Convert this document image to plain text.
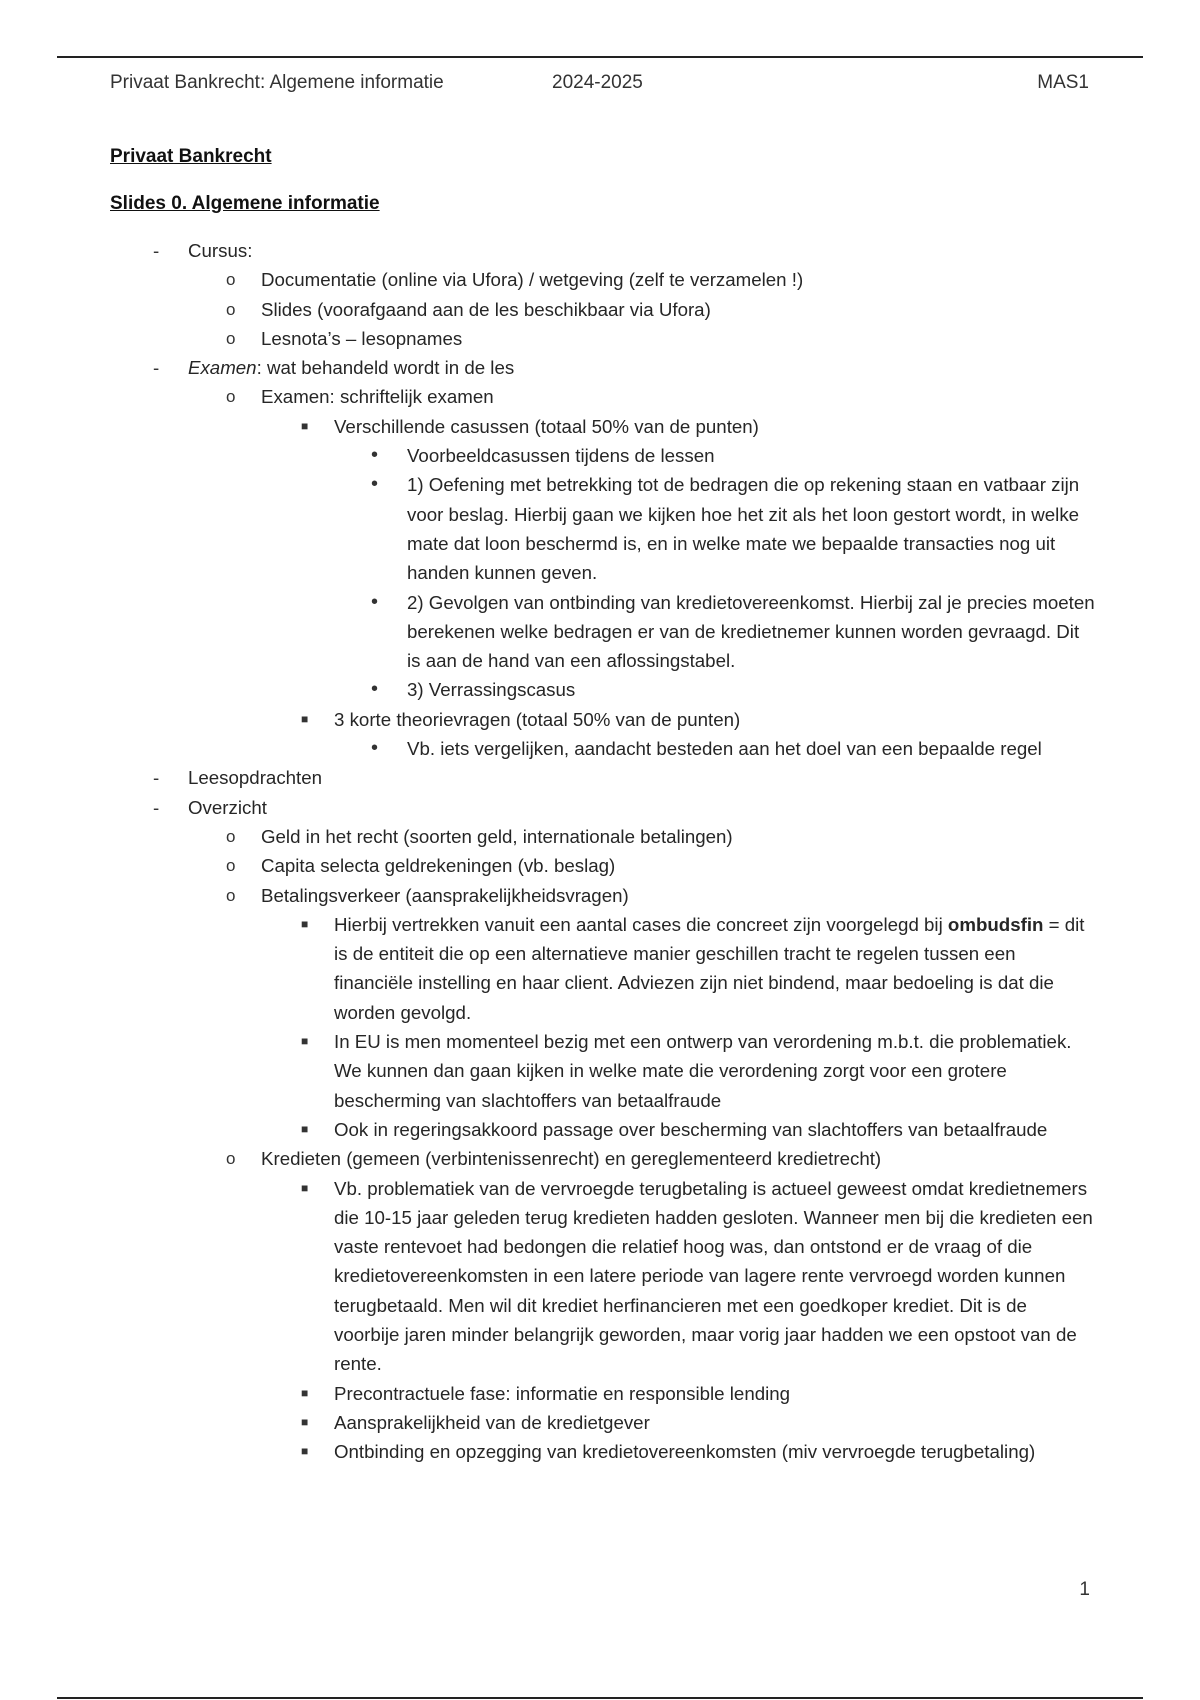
Privaat Bankrecht: Algemene informatie	2024-2025	MAS1
Privaat Bankrecht
Slides 0. Algemene informatie
- Cursus:
o Documentatie (online via Ufora) / wetgeving (zelf te verzamelen !)
o Slides (voorafgaand aan de les beschikbaar via Ufora)
o Lesnota’s – lesopnames
- Examen: wat behandeld wordt in de les
o Examen: schriftelijk examen
■ Verschillende casussen (totaal 50% van de punten)
• Voorbeeldcasussen tijdens de lessen
• 1) Oefening met betrekking tot de bedragen die op rekening staan en vatbaar zijn voor beslag. Hierbij gaan we kijken hoe het zit als het loon gestort wordt, in welke mate dat loon beschermd is, en in welke mate we bepaalde transacties nog uit handen kunnen geven.
• 2) Gevolgen van ontbinding van kredietovereenkomst. Hierbij zal je precies moeten berekenen welke bedragen er van de kredietnemer kunnen worden gevraagd. Dit is aan de hand van een aflossingstabel.
• 3) Verrassingscasus
■ 3 korte theorievragen (totaal 50% van de punten)
• Vb. iets vergelijken, aandacht besteden aan het doel van een bepaalde regel
- Leesopdrachten
- Overzicht
o Geld in het recht (soorten geld, internationale betalingen)
o Capita selecta geldrekeningen (vb. beslag)
o Betalingsverkeer (aansprakelijkheidsvragen)
■ Hierbij vertrekken vanuit een aantal cases die concreet zijn voorgelegd bij ombudsfin = dit is de entiteit die op een alternatieve manier geschillen tracht te regelen tussen een financiële instelling en haar client. Adviezen zijn niet bindend, maar bedoeling is dat die worden gevolgd.
■ In EU is men momenteel bezig met een ontwerp van verordening m.b.t. die problematiek. We kunnen dan gaan kijken in welke mate die verordening zorgt voor een grotere bescherming van slachtoffers van betaalfraude
■ Ook in regeringsakkoord passage over bescherming van slachtoffers van betaalfraude
o Kredieten (gemeen (verbintenissenrecht) en gereglementeerd kredietrecht)
■ Vb. problematiek van de vervroegde terugbetaling is actueel geweest omdat kredietnemers die 10-15 jaar geleden terug kredieten hadden gesloten. Wanneer men bij die kredieten een vaste rentevoet had bedongen die relatief hoog was, dan ontstond er de vraag of die kredietovereenkomsten in een latere periode van lagere rente vervroegd worden kunnen terugbetaald. Men wil dit krediet herfinancieren met een goedkoper krediet. Dit is de voorbije jaren minder belangrijk geworden, maar vorig jaar hadden we een opstoot van de rente.
■ Precontractuele fase: informatie en responsible lending
■ Aansprakelijkheid van de kredietgever
■ Ontbinding en opzegging van kredietovereenkomsten (miv vervroegde terugbetaling)
1
